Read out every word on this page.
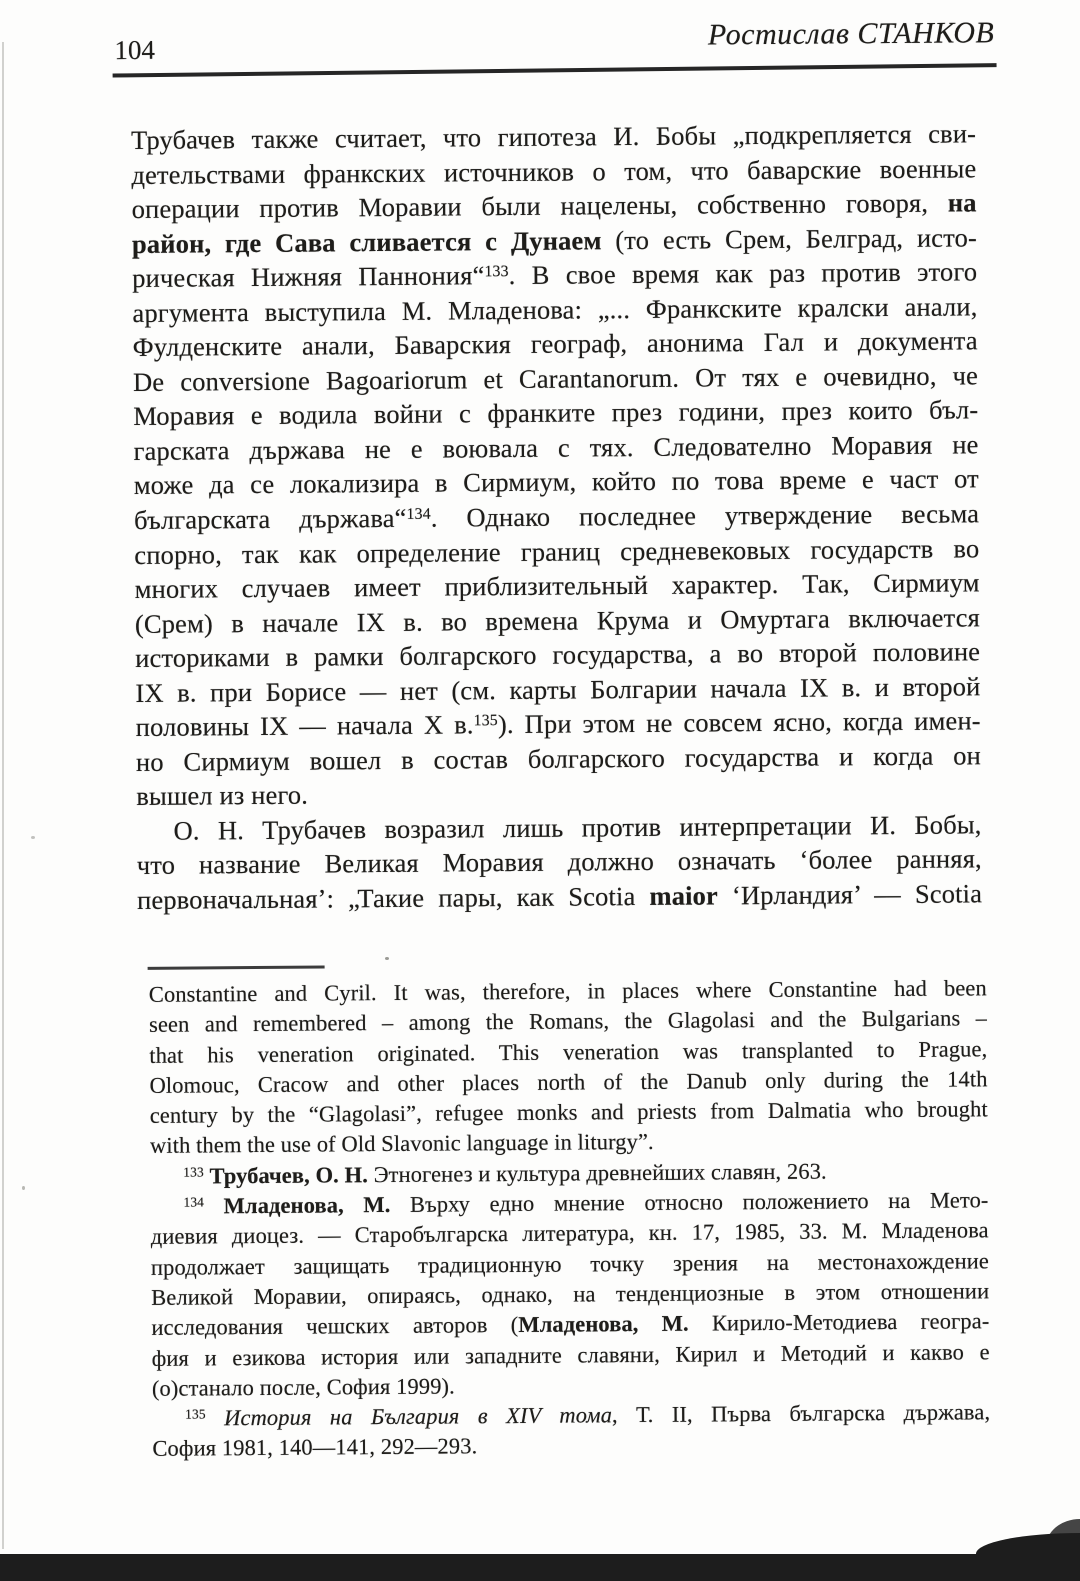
104	Ростислав СТАНКОВ
Трубачев также считает, что гипотеза И. Бобы „подкрепляется сви-
детельствами франкских источников о том, что баварские военные
операции против Моравии были нацелены, собственно говоря, на
район, где Сава сливается с Дунаем (то есть Срем, Белград, исто-
рическая Нижняя Паннония“$^{133}$. В свое время как раз против этого
аргумента выступила М. Младенова: „... Франкските кралски анали,
Фулденските анали, Баварския географ, анонима Гал и документа
De conversione Bagoariorum et Carantanorum. От тях е очевидно, че
Моравия е водила войни с франките през години, през които бъл-
гарската държава не е воювала с тях. Следователно Моравия не
може да се локализира в Сирмиум, който по това време е част от
българската държава“$^{134}$. Однако последнее утверждение весьма
спорно, так как определение границ средневековых государств во
многих случаев имеет приблизительный характер. Так, Сирмиум
(Срем) в начале IX в. во времена Крума и Омуртага включается
историками в рамки болгарского государства, а во второй половине
IX в. при Борисе — нет (см. карты Болгарии начала IX в. и второй
половины IX — начала X в.$^{135}$). При этом не совсем ясно, когда имен-
но Сирмиум вошел в состав болгарского государства и когда он
вышел из него.
О. Н. Трубачев возразил лишь против интерпретации И. Бобы,
что название Великая Моравия должно означать ‘более ранняя,
первоначальная’: „Такие пары, как Scotia maior ‘Ирландия’ — Scotia
Constantine and Cyril. It was, therefore, in places where Constantine had been
seen and remembered – among the Romans, the Glagolasi and the Bulgarians –
that his veneration originated. This veneration was transplanted to Prague,
Olomouc, Cracow and other places north of the Danub only during the 14th
century by the “Glagolasi”, refugee monks and priests from Dalmatia who brought
with them the use of Old Slavonic language in liturgy”.
$^{133}$ Трубачев, О. Н. Этногенез и культура древнейших славян, 263.
$^{134}$ Младенова, М. Върху едно мнение относно положението на Мето-
диевия диоцез. — Старобългарска литература, кн. 17, 1985, 33. М. Младенова
продолжает защищать традиционную точку зрения на местонахождение
Великой Моравии, опираясь, однако, на тенденциозные в этом отношении
исследования чешских авторов (Младенова, М. Кирило-Методиева геогра-
фия и езикова история или западните славяни, Кирил и Методий и какво е
(о)станало после, София 1999).
$^{135}$ История на България в XIV тома, Т. II, Първа българска държава,
София 1981, 140—141, 292—293.
